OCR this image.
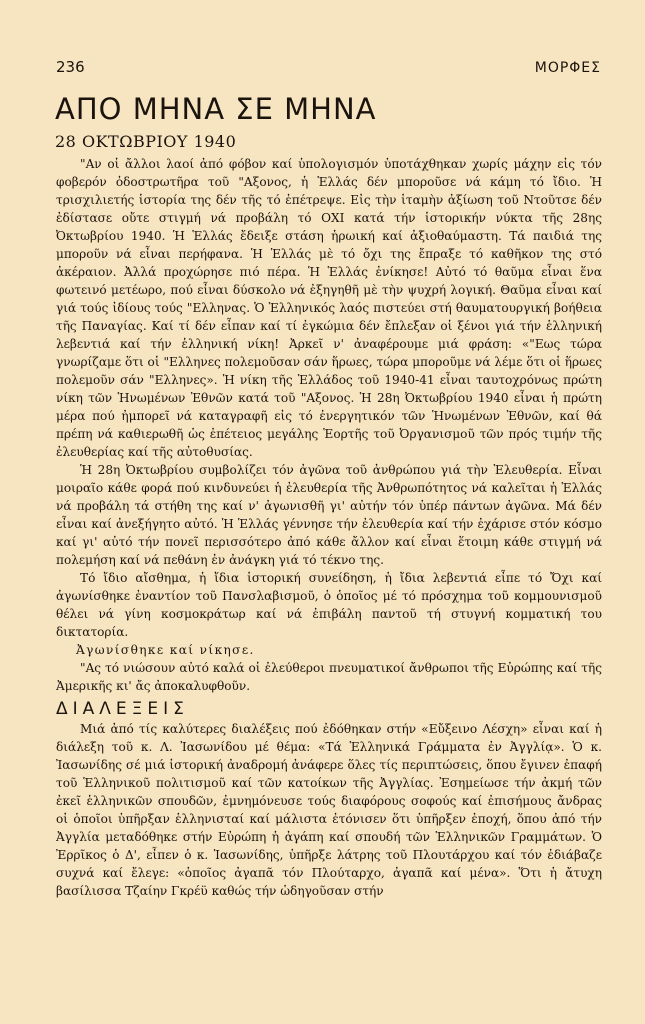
236	ΜΟΡΦΕΣ
ΑΠΟ ΜΗΝΑ ΣΕ ΜΗΝΑ
28 ΟΚΤΩΒΡΙΟΥ 1940

"Αν οἱ ἄλλοι λαοί ἀπό φόβον καί ὑπολογισμόν ὑποτάχθηκαν χωρίς μάχην εἰς τόν φοβερόν ὁδοστρωτῆρα τοῦ "Αξονος, ἡ Ἑλλάς δέν μποροῦσε νά κάμη τό ἴδιο. Ἡ τρισχιλιετής ἱστορία της δέν τῆς τό ἐπέτρεψε. Εἰς τὴν ἱταμὴν ἀξίωση τοῦ Ντοῦτσε δέν ἐδίστασε οὔτε στιγμή νά προβάλη τό ΟΧΙ κατά τήν ἱστορικήν νύκτα τῆς 28ης Ὀκτωβρίου 1940. Ἡ Ἑλλάς ἔδειξε στάση ἡρωική καί ἀξιοθαύμαστη. Τά παιδιά της μποροῦν νά εἶναι περήφανα. Ἡ Ἑλλάς μὲ τό ὄχι της ἔπραξε τό καθῆκον της στό ἀκέραιον. Ἀλλά προχώρησε πιό πέρα. Ἡ Ἑλλάς ἐνίκησε! Αὐτό τό θαῦμα εἶναι ἕνα φωτεινό μετέωρο, πού εἶναι δύσκολο νά ἐξηγηθῆ μὲ τὴν ψυχρή λογική. Θαῦμα εἶναι καί γιά τούς ἰδίους τούς "Ελληνας. Ὁ Ἑλληνικός λαός πιστεύει στή θαυματουργική βοήθεια τῆς Παναγίας. Καί τί δέν εἶπαν καί τί ἐγκώμια δέν ἔπλεξαν οἱ ξένοι γιά τήν ἑλληνική λεβεντιά καί τήν ἑλληνική νίκη! Ἀρκεῖ ν' ἀναφέρουμε μιά φράση: «"Εως τώρα γνωρίζαμε ὅτι οἱ "Ελληνες πολεμοῦσαν σάν ἥρωες, τώρα μποροῦμε νά λέμε ὅτι οἱ ἥρωες πολεμοῦν σάν "Ελληνες». Ἡ νίκη τῆς Ἑλλάδος τοῦ 1940-41 εἶναι ταυτοχρόνως πρώτη νίκη τῶν Ἡνωμένων Ἐθνῶν κατά τοῦ "Αξονος. Ἡ 28η Ὀκτωβρίου 1940 εἶναι ἡ πρώτη μέρα πού ἠμπορεῖ νά καταγραφῆ εἰς τό ἐνεργητικόν τῶν Ἡνωμένων Ἐθνῶν, καί θά πρέπη νά καθιερωθῆ ὡς ἐπέτειος μεγάλης Ἑορτῆς τοῦ Ὀργανισμοῦ τῶν πρός τιμήν τῆς ἐλευθερίας καί τῆς αὐτοθυσίας.

Ἡ 28η Ὀκτωβρίου συμβολίζει τόν ἀγῶνα τοῦ ἀνθρώπου γιά τὴν Ἐλευθερία. Εἶναι μοιραῖο κάθε φορά πού κινδυνεύει ἡ ἐλευθερία τῆς Ἀνθρωπότητος νά καλεῖται ἡ Ἑλλάς νά προβάλη τά στήθη της καί ν' ἀγωνισθῆ γι' αὐτήν τόν ὑπέρ πάντων ἀγῶνα. Μά δέν εἶναι καί ἀνεξήγητο αὐτό. Ἡ Ἑλλάς γέννησε τήν ἐλευθερία καί τήν ἐχάρισε στόν κόσμο καί γι' αὐτό τήν πονεῖ περισσότερο ἀπό κάθε ἄλλον καί εἶναι ἕτοιμη κάθε στιγμή νά πολεμήση καί νά πεθάνη ἐν ἀνάγκη γιά τό τέκνο της.

Τό ἴδιο αἴσθημα, ἡ ἴδια ἱστορική συνείδηση, ἡ ἴδια λεβεντιά εἶπε τό Ὄχι καί ἀγωνίσθηκε ἐναντίον τοῦ Πανσλαβισμοῦ, ὁ ὁποῖος μέ τό πρόσχημα τοῦ κομμουνισμοῦ θέλει νά γίνη κοσμοκράτωρ καί νά ἐπιβάλη παντοῦ τή στυγνή κομματική του δικτατορία.

Ἀγωνίσθηκε καί νίκησε.

"Ας τό νιώσουν αὐτό καλά οἱ ἐλεύθεροι πνευματικοί ἄνθρωποι τῆς Εὐρώπης καί τῆς Ἀμερικῆς κι' ἄς ἀποκαλυφθοῦν.

ΔΙΑΛΕΞΕΙΣ

Μιά ἀπό τίς καλύτερες διαλέξεις πού ἐδόθηκαν στήν «Εὔξεινο Λέσχη» εἶναι καί ἡ διάλεξη τοῦ κ. Λ. Ἰασωνίδου μέ θέμα: «Τά Ἑλληνικά Γράμματα ἐν Ἀγγλίᾳ». Ὁ κ. Ἰασωνίδης σέ μιά ἱστορική ἀναδρομή ἀνάφερε ὅλες τίς περιπτώσεις, ὅπου ἔγινεν ἐπαφή τοῦ Ἑλληνικοῦ πολιτισμοῦ καί τῶν κατοίκων τῆς Ἀγγλίας. Ἐσημείωσε τήν ἀκμή τῶν ἐκεῖ ἑλληνικῶν σπουδῶν, ἐμνημόνευσε τούς διαφόρους σοφούς καί ἐπισήμους ἄνδρας οἱ ὁποῖοι ὑπῆρξαν ἑλληνισταί καί μάλιστα ἐτόνισεν ὅτι ὑπῆρξεν ἐποχή, ὅπου ἀπό τήν Ἀγγλία μεταδόθηκε στήν Εὐρώπη ἡ ἀγάπη καί σπουδή τῶν Ἑλληνικῶν Γραμμάτων. Ὁ Ἐρρῖκος ὁ Δ', εἶπεν ὁ κ. Ἰασωνίδης, ὑπῆρξε λάτρης τοῦ Πλουτάρχου καί τόν ἐδιάβαζε συχνά καί ἔλεγε: «ὁποῖος ἀγαπᾶ τόν Πλούταρχο, ἀγαπᾶ καί μένα». Ὅτι ἡ ἄτυχη βασίλισσα Τζαίην Γκρέϋ καθώς τήν ὡδηγοῦσαν στήν
